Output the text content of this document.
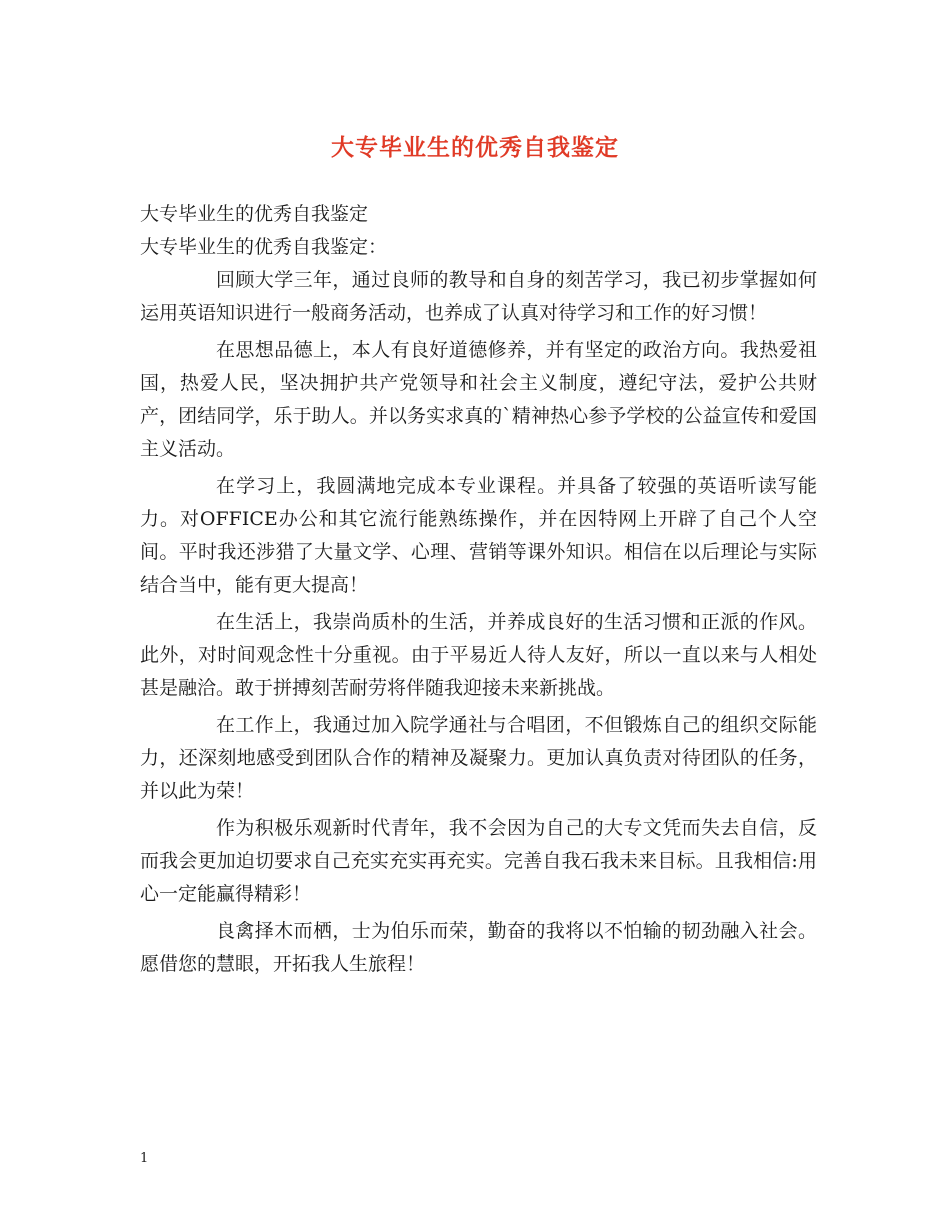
大专毕业生的优秀自我鉴定

大专毕业生的优秀自我鉴定

大专毕业生的优秀自我鉴定：

回顾大学三年，通过良师的教导和自身的刻苦学习，我已初步掌握如何运用英语知识进行一般商务活动，也养成了认真对待学习和工作的好习惯！

在思想品德上，本人有良好道德修养，并有坚定的政治方向。我热爱祖国，热爱人民，坚决拥护共产党领导和社会主义制度，遵纪守法，爱护公共财产，团结同学，乐于助人。并以务实求真的`精神热心参予学校的公益宣传和爱国主义活动。

在学习上，我圆满地完成本专业课程。并具备了较强的英语听读写能力。对OFFICE办公和其它流行能熟练操作，并在因特网上开辟了自己个人空间。平时我还涉猎了大量文学、心理、营销等课外知识。相信在以后理论与实际结合当中，能有更大提高！

在生活上，我崇尚质朴的生活，并养成良好的生活习惯和正派的作风。此外，对时间观念性十分重视。由于平易近人待人友好，所以一直以来与人相处甚是融洽。敢于拼搏刻苦耐劳将伴随我迎接未来新挑战。

在工作上，我通过加入院学通社与合唱团，不但锻炼自己的组织交际能力，还深刻地感受到团队合作的精神及凝聚力。更加认真负责对待团队的任务，并以此为荣！

作为积极乐观新时代青年，我不会因为自己的大专文凭而失去自信，反而我会更加迫切要求自己充实充实再充实。完善自我石我未来目标。且我相信:用心一定能赢得精彩！

良禽择木而栖，士为伯乐而荣，勤奋的我将以不怕输的韧劲融入社会。愿借您的慧眼，开拓我人生旅程！

1
